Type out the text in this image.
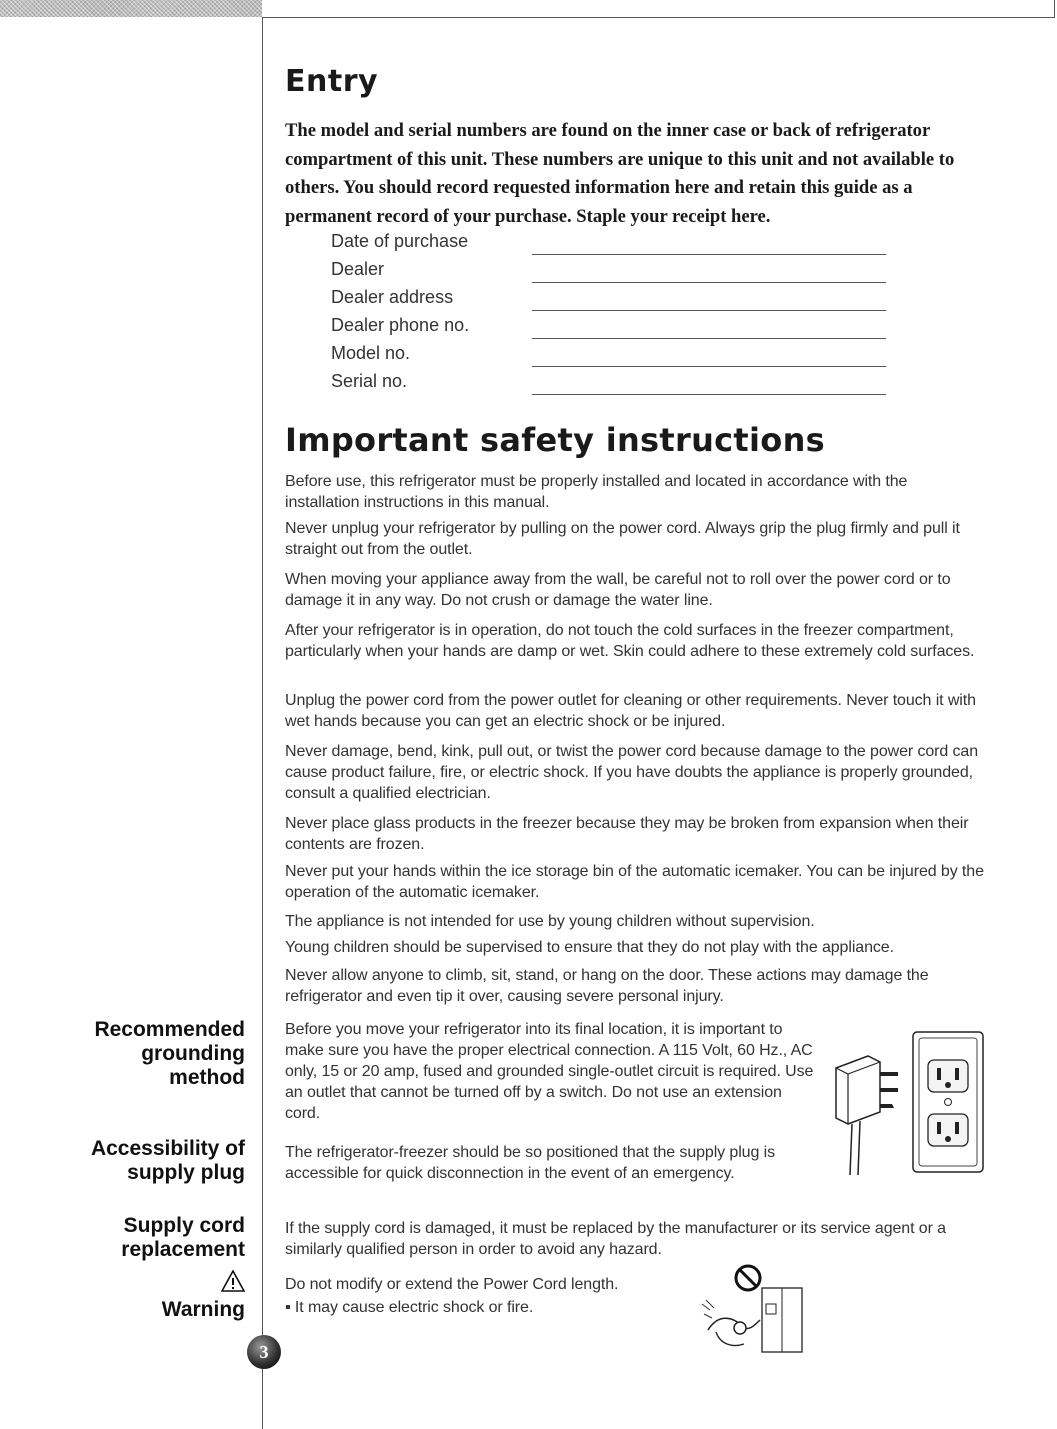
Entry

The model and serial numbers are found on the inner case or back of refrigerator compartment of this unit. These numbers are unique to this unit and not available to others. You should record requested information here and retain this guide as a permanent record of your purchase. Staple your receipt here.

Date of purchase
Dealer
Dealer address
Dealer phone no.
Model no.
Serial no.
Important safety instructions

Before use, this refrigerator must be properly installed and located in accordance with the installation instructions in this manual.

Never unplug your refrigerator by pulling on the power cord. Always grip the plug firmly and pull it straight out from the outlet.

When moving your appliance away from the wall, be careful not to roll over the power cord or to damage it in any way. Do not crush or damage the water line.

After your refrigerator is in operation, do not touch the cold surfaces in the freezer compartment, particularly when your hands are damp or wet. Skin could adhere to these extremely cold surfaces.

Unplug the power cord from the power outlet for cleaning or other requirements. Never touch it with wet hands because you can get an electric shock or be injured.

Never damage, bend, kink, pull out, or twist the power cord because damage to the power cord can cause product failure, fire, or electric shock. If you have doubts the appliance is properly grounded, consult a qualified electrician.

Never place glass products in the freezer because they may be broken from expansion when their contents are frozen.

Never put your hands within the ice storage bin of the automatic icemaker. You can be injured by the operation of the automatic icemaker.

The appliance is not intended for use by young children without supervision.

Young children should be supervised to ensure that they do not play with the appliance.

Never allow anyone to climb, sit, stand, or hang on the door. These actions may damage the refrigerator and even tip it over, causing severe personal injury.

Recommended
grounding
method

Before you move your refrigerator into its final location, it is important to make sure you have the proper electrical connection. A 115 Volt, 60 Hz., AC only, 15 or 20 amp, fused and grounded single-outlet circuit is required. Use an outlet that cannot be turned off by a switch. Do not use an extension cord.

Accessibility of
supply plug

The refrigerator-freezer should be so positioned that the supply plug is accessible for quick disconnection in the event of an emergency.

Supply cord
replacement

If the supply cord is damaged, it must be replaced by the manufacturer or its service agent or a similarly qualified person in order to avoid any hazard.

Warning

Do not modify or extend the Power Cord length.

▪ It may cause electric shock or fire.

3
